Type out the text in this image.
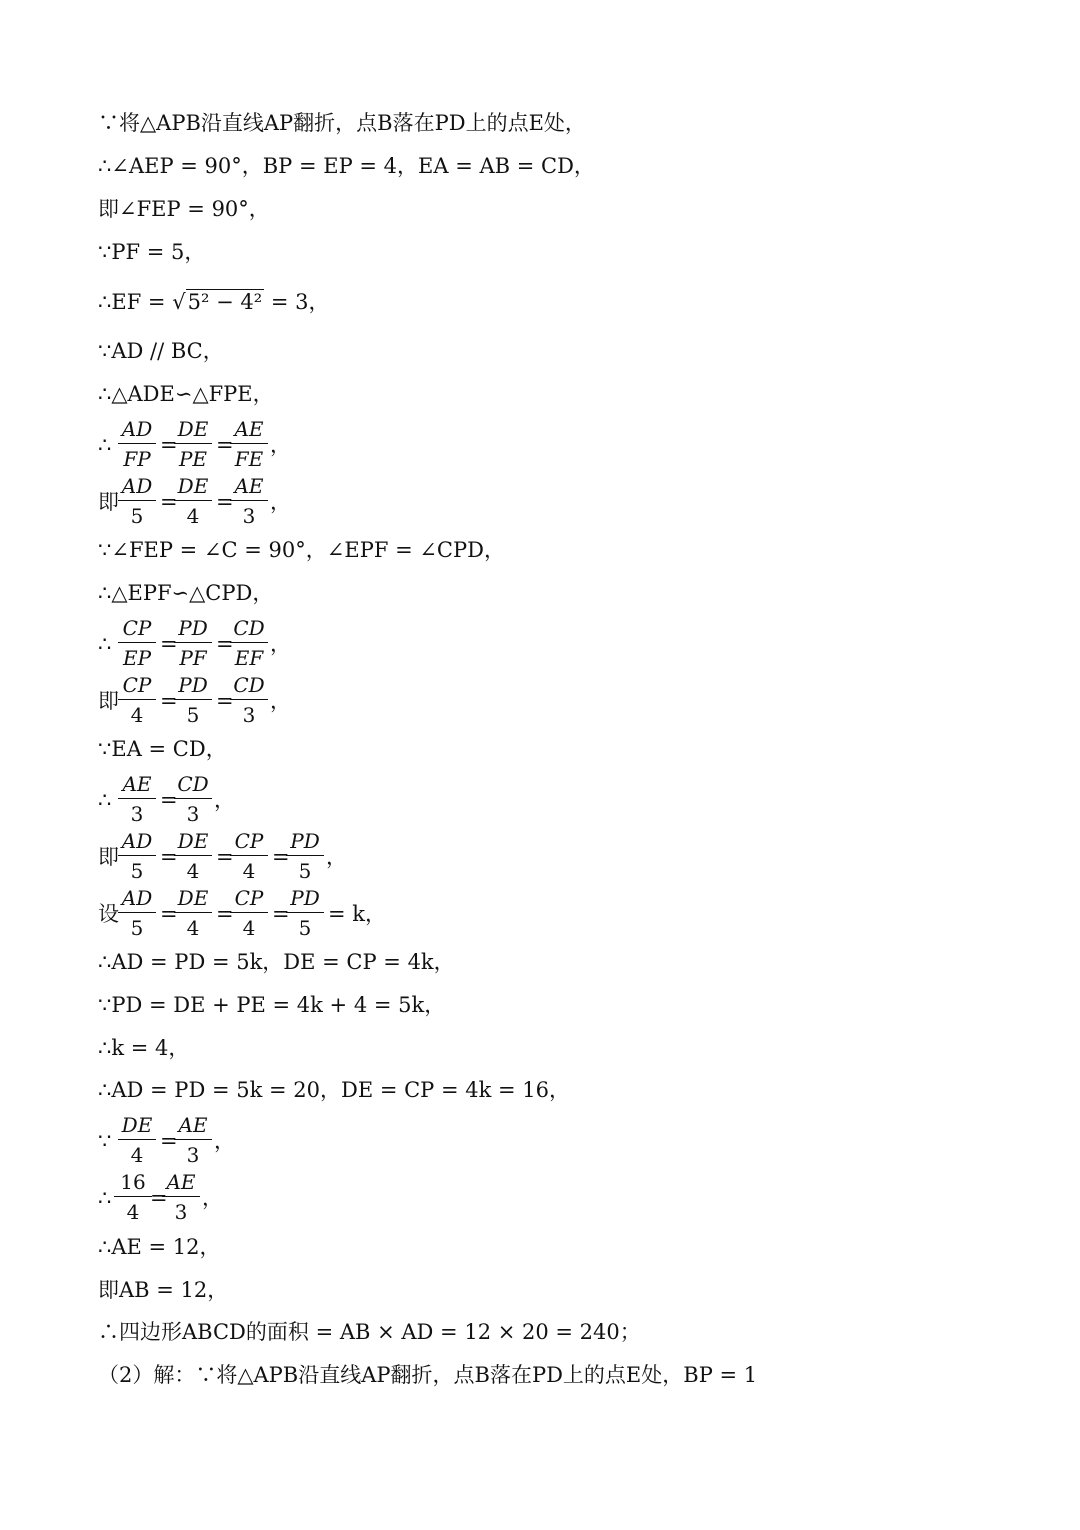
∵将△APB沿直线AP翻折，点B落在PD上的点E处，
∴∠AEP = 90°，BP = EP = 4，EA = AB = CD，
即∠FEP = 90°，
∵PF = 5，
∴EF = √5² − 4² = 3，
∵AD // BC，
∴△ADE∽△FPE，
∴ $\frac{AD}{FP}$ =
$\frac{DE}{PE}$ =
$\frac{AE}{FE}$ ，
即 $\frac{AD}{5}$ =
$\frac{DE}{4}$ =
$\frac{AE}{3}$ ，
∵∠FEP = ∠C = 90°，∠EPF = ∠CPD，
∴△EPF∽△CPD，
∴ $\frac{CP}{EP}$ =
$\frac{PD}{PF}$ =
$\frac{CD}{EF}$ ，
即 $\frac{CP}{4}$ =
$\frac{PD}{5}$ =
$\frac{CD}{3}$ ，
∵EA = CD，
∴ $\frac{AE}{3}$ =
$\frac{CD}{3}$ ，
即 $\frac{AD}{5}$ =
$\frac{DE}{4}$ =
$\frac{CP}{4}$ =
$\frac{PD}{5}$ ，
设 $\frac{AD}{5}$ =
$\frac{DE}{4}$ =
$\frac{CP}{4}$ =
$\frac{PD}{5} = k$，
∴AD = PD = 5k，DE = CP = 4k，
∵PD = DE + PE = 4k + 4 = 5k，
∴k = 4，
∴AD = PD = 5k = 20，DE = CP = 4k = 16，
∵ $\frac{DE}{4}$ =
$\frac{AE}{3}$ ，
∴ $\frac{16}{4}$
=
$\frac{AE}{3}$ ，
∴AE = 12，
即AB = 12，
∴四边形ABCD的面积 = AB × AD = 12 × 20 = 240；
（2）解：∵将△APB沿直线AP翻折，点B落在PD上的点E处，BP = 1
